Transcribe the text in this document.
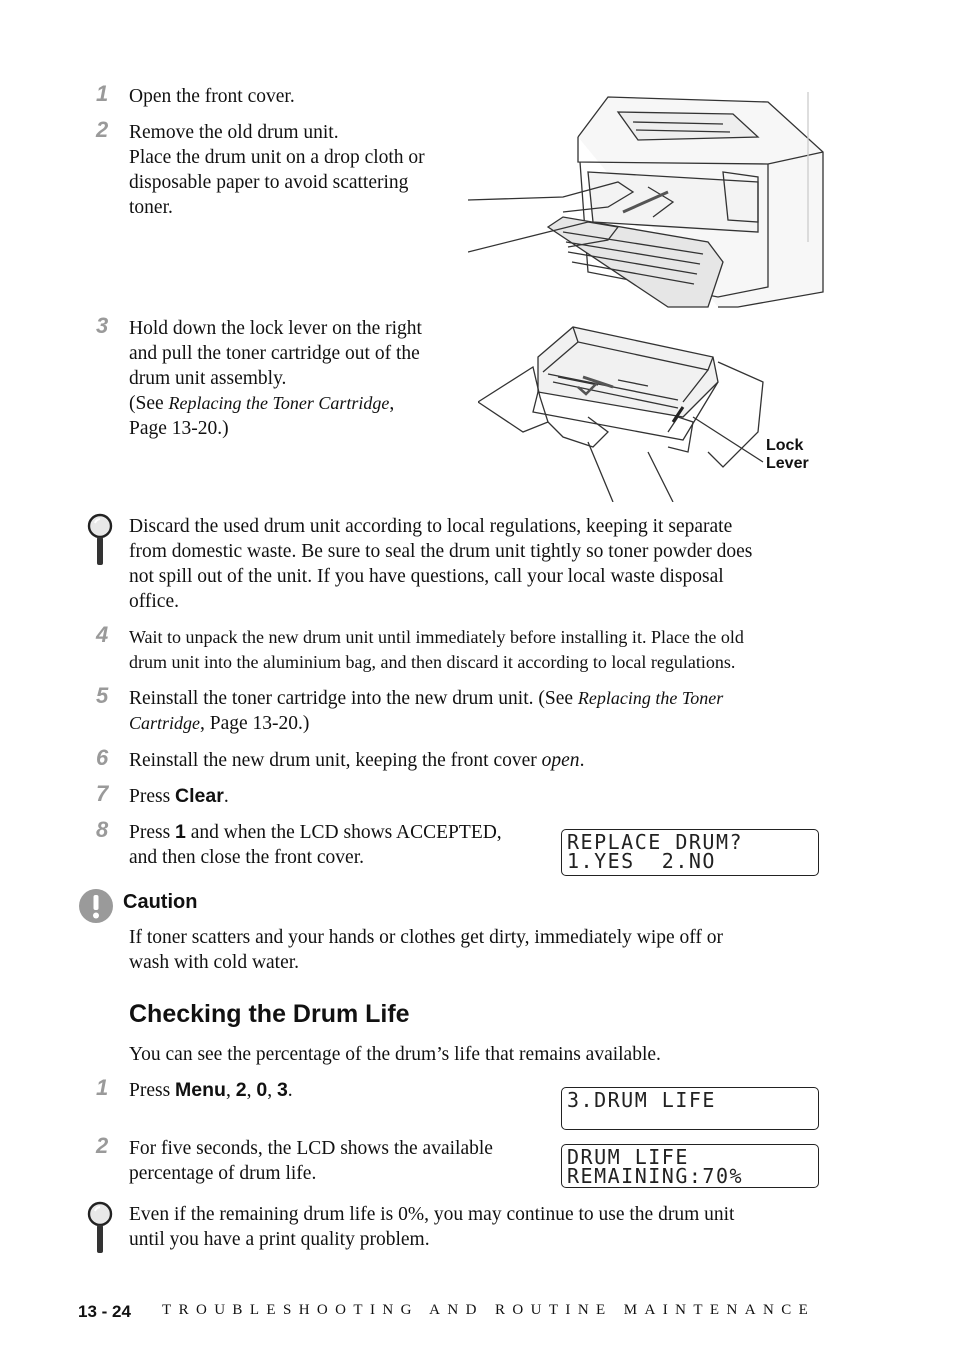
1 Open the front cover.

2 Remove the old drum unit.

Place the drum unit on a drop cloth or

disposable paper to avoid scattering

toner.

3 Hold down the lock lever on the right

and pull the toner cartridge out of the

drum unit assembly.

(See Replacing the Toner Cartridge,

Page 13-20.)

Lock
Lever

Discard the used drum unit according to local regulations, keeping it separate

from domestic waste. Be sure to seal the drum unit tightly so toner powder does

not spill out of the unit. If you have questions, call your local waste disposal

office.

4 Wait to unpack the new drum unit until immediately before installing it. Place the old

drum unit into the aluminium bag, and then discard it according to local regulations.

5 Reinstall the toner cartridge into the new drum unit. (See Replacing the Toner

Cartridge, Page 13-20.)

6 Reinstall the new drum unit, keeping the front cover open.

7 Press Clear.

8 Press 1 and when the LCD shows ACCEPTED,

and then close the front cover.

REPLACE DRUM?
1.YES  2.NO
Caution

If toner scatters and your hands or clothes get dirty, immediately wipe off or

wash with cold water.

Checking the Drum Life

You can see the percentage of the drum’s life that remains available.

1 Press Menu, 2, 0, 3.	3.DRUM LIFE
2 For five seconds, the LCD shows the available

percentage of drum life.

DRUM LIFE
REMAINING:70%

Even if the remaining drum life is 0%, you may continue to use the drum unit

until you have a print quality problem.

13 - 24 TROUBLESHOOTING AND ROUTINE MAINTENANCE
